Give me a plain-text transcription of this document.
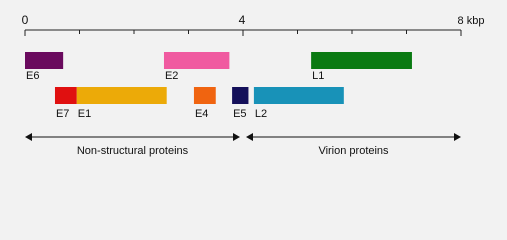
0	4	8 kbp
E6	E2	L1
E7 E1	E4 E5 L2
Non-structural proteins	Virion proteins
